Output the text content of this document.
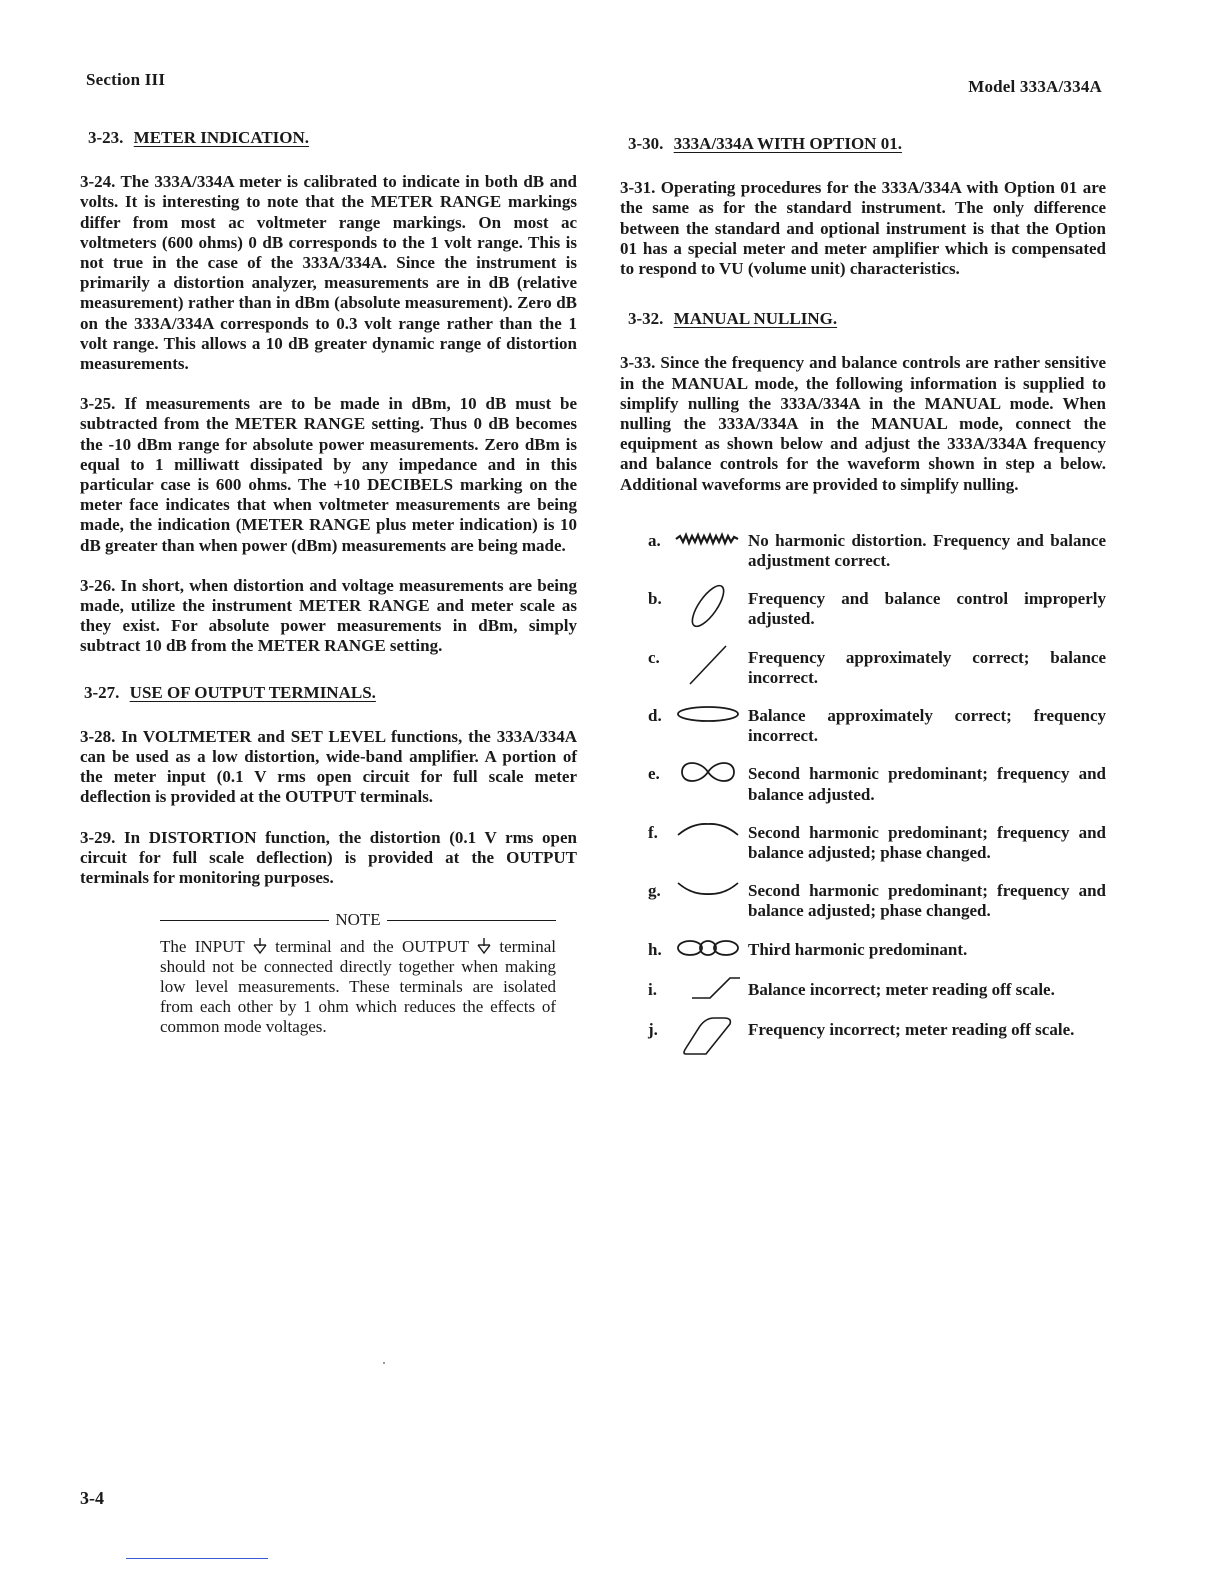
Section III	Model 333A/334A
3-23. METER INDICATION.

3-24. The 333A/334A meter is calibrated to indicate in both dB and volts. It is interesting to note that the METER RANGE markings differ from most ac voltmeter range markings. On most ac voltmeters (600 ohms) 0 dB corresponds to the 1 volt range. This is not true in the case of the 333A/334A. Since the instrument is primarily a distortion analyzer, measurements are in dB (relative measurement) rather than in dBm (absolute measurement). Zero dB on the 333A/334A corresponds to 0.3 volt range rather than the 1 volt range. This allows a 10 dB greater dynamic range of distortion measurements.

3-25. If measurements are to be made in dBm, 10 dB must be subtracted from the METER RANGE setting. Thus 0 dB becomes the -10 dBm range for absolute power measurements. Zero dBm is equal to 1 milliwatt dissipated by any impedance and in this particular case is 600 ohms. The +10 DECIBELS marking on the meter face indicates that when voltmeter measurements are being made, the indication (METER RANGE plus meter indication) is 10 dB greater than when power (dBm) measurements are being made.

3-26. In short, when distortion and voltage measurements are being made, utilize the instrument METER RANGE and meter scale as they exist. For absolute power measurements in dBm, simply subtract 10 dB from the METER RANGE setting.

3-27. USE OF OUTPUT TERMINALS.

3-28. In VOLTMETER and SET LEVEL functions, the 333A/334A can be used as a low distortion, wide-band amplifier. A portion of the meter input (0.1 V rms open circuit for full scale meter deflection is provided at the OUTPUT terminals.

3-29. In DISTORTION function, the distortion (0.1 V rms open circuit for full scale deflection) is provided at the OUTPUT terminals for monitoring purposes.

NOTE

The INPUT terminal and the OUTPUT terminal should not be connected directly together when making low level measurements. These terminals are isolated from each other by 1 ohm which reduces the effects of common mode voltages.

3-30. 333A/334A WITH OPTION 01.

3-31. Operating procedures for the 333A/334A with Option 01 are the same as for the standard instrument. The only difference between the standard and optional instrument is that the Option 01 has a special meter and meter amplifier which is compensated to respond to VU (volume unit) characteristics.

3-32. MANUAL NULLING.

3-33. Since the frequency and balance controls are rather sensitive in the MANUAL mode, the following information is supplied to simplify nulling the 333A/334A in the MANUAL mode. When nulling the 333A/334A in the MANUAL mode, connect the equipment as shown below and adjust the 333A/334A frequency and balance controls for the waveform shown in step a below. Additional waveforms are provided to simplify nulling.

a.	No harmonic distortion. Frequency and balance adjustment correct.
b.	Frequency and balance control improperly adjusted.
c.	Frequency approximately correct; balance incorrect.
d.	Balance approximately correct; frequency incorrect.
e.	Second harmonic predominant; frequency and balance adjusted.
f.	Second harmonic predominant; frequency and balance adjusted; phase changed.
g.	Second harmonic predominant; frequency and balance adjusted; phase changed.
h.	Third harmonic predominant.
i.	Balance incorrect; meter reading off scale.
j.	Frequency incorrect; meter reading off scale.
3-4
